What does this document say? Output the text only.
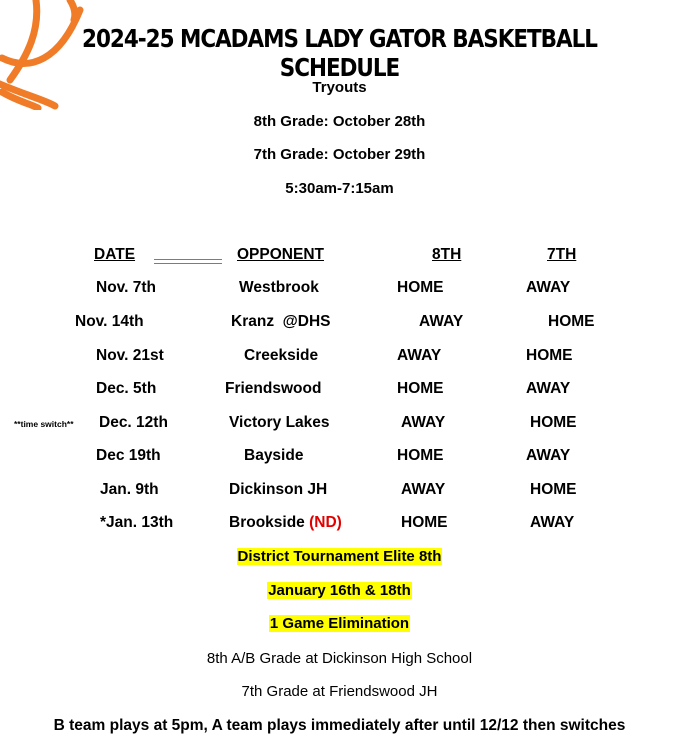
2024-25 MCADAMS LADY GATOR BASKETBALL SCHEDULE
Tryouts
8th Grade: October 28th
7th Grade: October 29th
5:30am-7:15am
DATE	OPPONENT	8TH	7TH
Nov. 7th	Westbrook	HOME	AWAY
Nov. 14th	Kranz  @DHS	AWAY	HOME
Nov. 21st	Creekside	AWAY	HOME
Dec. 5th	Friendswood	HOME	AWAY
**time switch** Dec. 12th	Victory Lakes	AWAY	HOME
Dec 19th	Bayside	HOME	AWAY
Jan. 9th	Dickinson JH	AWAY	HOME
*Jan. 13th	Brookside (ND)	HOME	AWAY
District Tournament Elite 8th
January 16th & 18th
1 Game Elimination
8th A/B Grade at Dickinson High School
7th Grade at Friendswood JH
B team plays at 5pm, A team plays immediately after until 12/12 then switches
